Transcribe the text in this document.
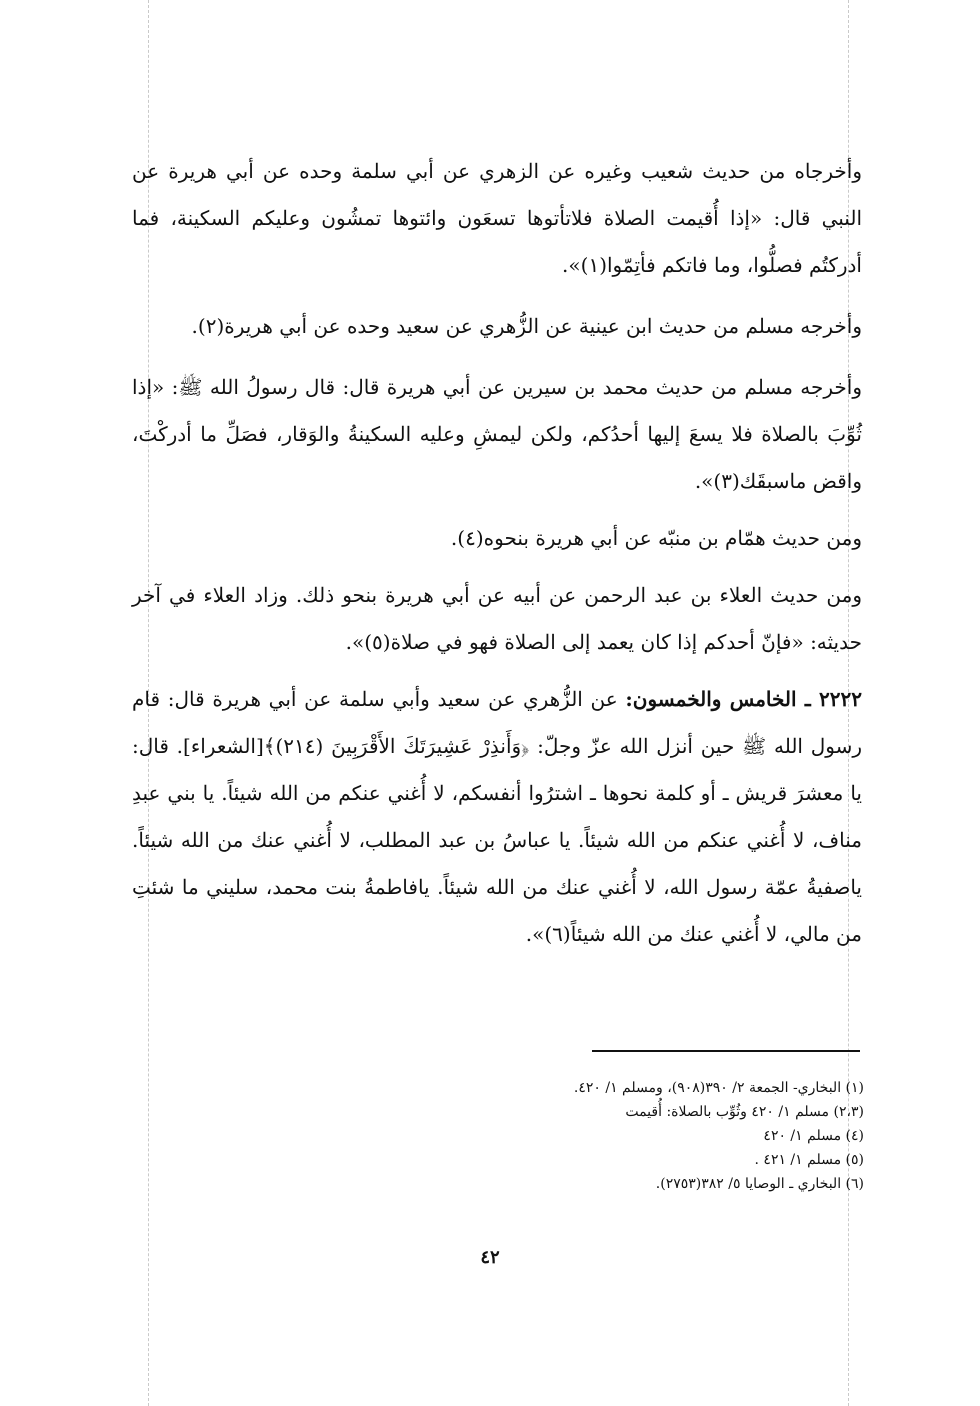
وأخرجاه من حديث شعيب وغيره عن الزهري عن أبي سلمة وحده عن أبي هريرة عن النبي قال: «إذا أُقيمت الصلاة فلاتأتوها تسعَون وائتوها تمشُون وعليكم السكينة، فما أدركتُم فصلُّوا، وما فاتكم فأتِمّوا(١)».

وأخرجه مسلم من حديث ابن عينية عن الزُّهري عن سعيد وحده عن أبي هريرة(٢).

وأخرجه مسلم من حديث محمد بن سيرين عن أبي هريرة قال: قال رسولُ الله ﷺ: «إذا ثُوِّبَ بالصلاة فلا يسعَ إليها أحدُكم، ولكن ليمشِ وعليه السكينةُ والوَقار، فصَلِّ ما أدركْتَ، واقض ماسبقَك(٣)».

ومن حديث همّام بن منبّه عن أبي هريرة بنحوه(٤).

ومن حديث العلاء بن عبد الرحمن عن أبيه عن أبي هريرة بنحو ذلك. وزاد العلاء في آخر حديثه: «فإنّ أحدكم إذا كان يعمد إلى الصلاة فهو في صلاة(٥)».

٢٢٢٢ ـ الخامس والخمسون: عن الزُّهري عن سعيد وأبي سلمة عن أبي هريرة قال: قام رسول الله ﷺ حين أنزل الله عزّ وجلّ: ﴿وَأَنذِرْ عَشِيرَتَكَ الأَقْرَبِينَ (٢١٤)﴾[الشعراء]. قال: يا معشرَ قريش ـ أو كلمة نحوها ـ اشترُوا أنفسكم، لا أُغني عنكم من الله شيئاً. يا بني عبدِ مناف، لا أُغني عنكم من الله شيئاً. يا عباسُ بن عبد المطلب، لا أُغني عنك من الله شيئاً. ياصفيةُ عمّة رسول الله، لا أُغني عنك من الله شيئاً. يافاطمةُ بنت محمد، سليني ما شئتِ من مالي، لا أُغني عنك من الله شيئاً(٦)».

(١) البخاري- الجمعة ٢/ ٣٩٠(٩٠٨)، ومسلم ١/ ٤٢٠.
(٢،٣) مسلم ١/ ٤٢٠ وثُوِّب بالصلاة: أُقيمت
(٤) مسلم ١/ ٤٢٠
(٥) مسلم ١/ ٤٢١ .
(٦) البخاري ـ الوصايا ٥/ ٣٨٢(٢٧٥٣).
٤٢
